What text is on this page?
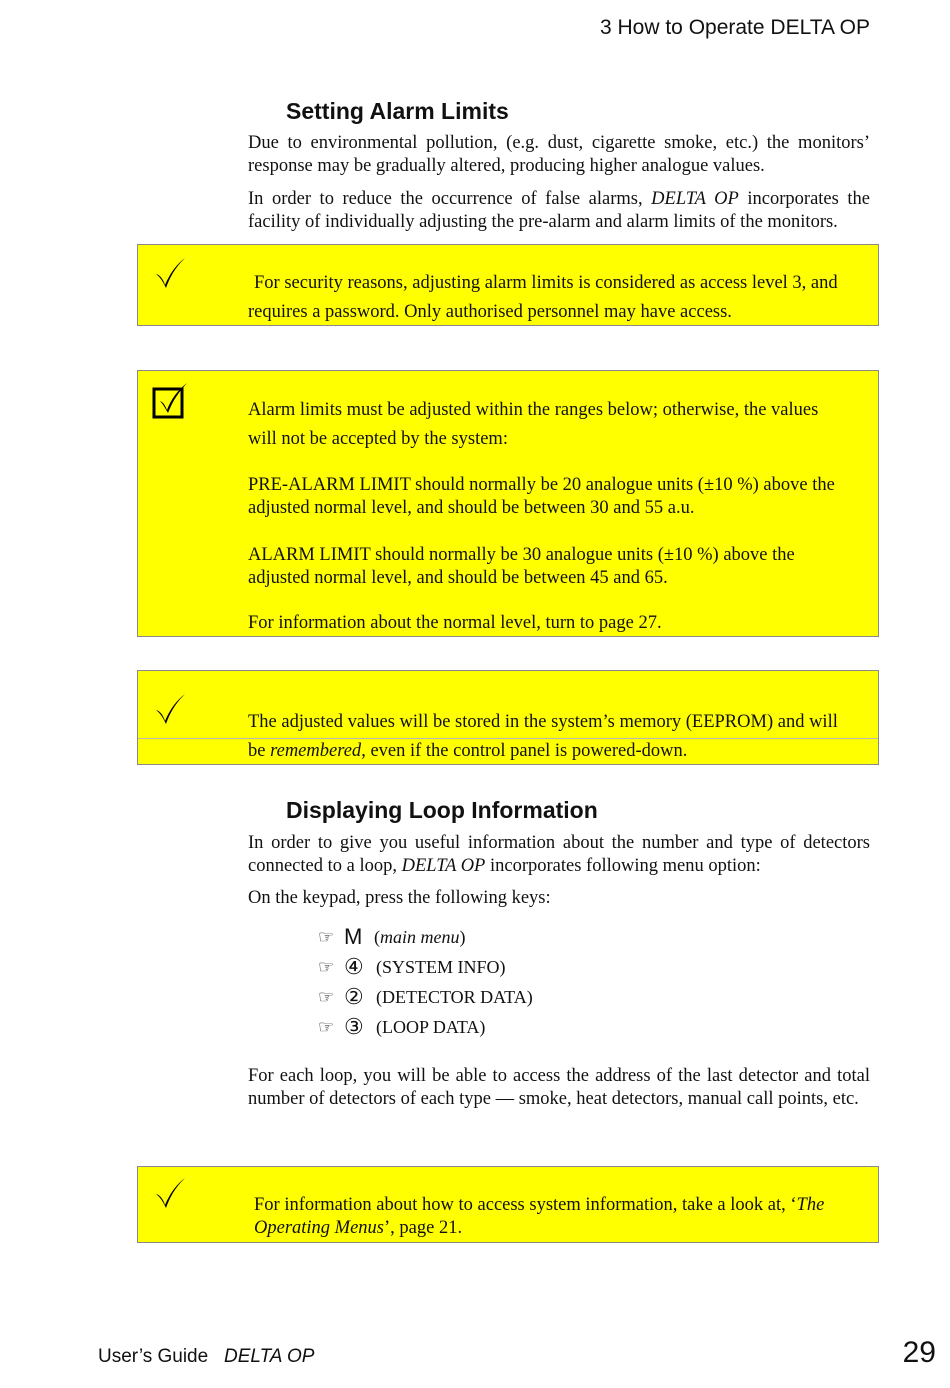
3 How to Operate DELTA OP
Setting Alarm Limits

Due to environmental pollution, (e.g. dust, cigarette smoke, etc.) the monitors’ response may be gradually altered, producing higher analogue values.

In order to reduce the occurrence of false alarms, DELTA OP incorporates the facility of individually adjusting the pre-alarm and alarm limits of the monitors.

For security reasons, adjusting alarm limits is considered as access level 3, and
requires a password. Only authorised personnel may have access.
Alarm limits must be adjusted within the ranges below; otherwise, the values
will not be accepted by the system:
PRE-ALARM LIMIT should normally be 20 analogue units (±10 %) above the adjusted normal level, and should be between 30 and 55 a.u.
ALARM LIMIT should normally be 30 analogue units (±10 %) above the adjusted normal level, and should be between 45 and 65.
For information about the normal level, turn to page 27.
The adjusted values will be stored in the system’s memory (EEPROM) and will
be remembered, even if the control panel is powered-down.
Displaying Loop Information

In order to give you useful information about the number and type of detectors connected to a loop, DELTA OP incorporates following menu option:

On the keypad, press the following keys:

☞ M (main menu)
☞ ④ (SYSTEM INFO)
☞ ② (DETECTOR DATA)
☞ ③ (LOOP DATA)

For each loop, you will be able to access the address of the last detector and total number of detectors of each type — smoke, heat detectors, manual call points, etc.

For information about how to access system information, take a look at, ‘The
Operating Menus’, page 21.
User’s Guide DELTA OP	29
